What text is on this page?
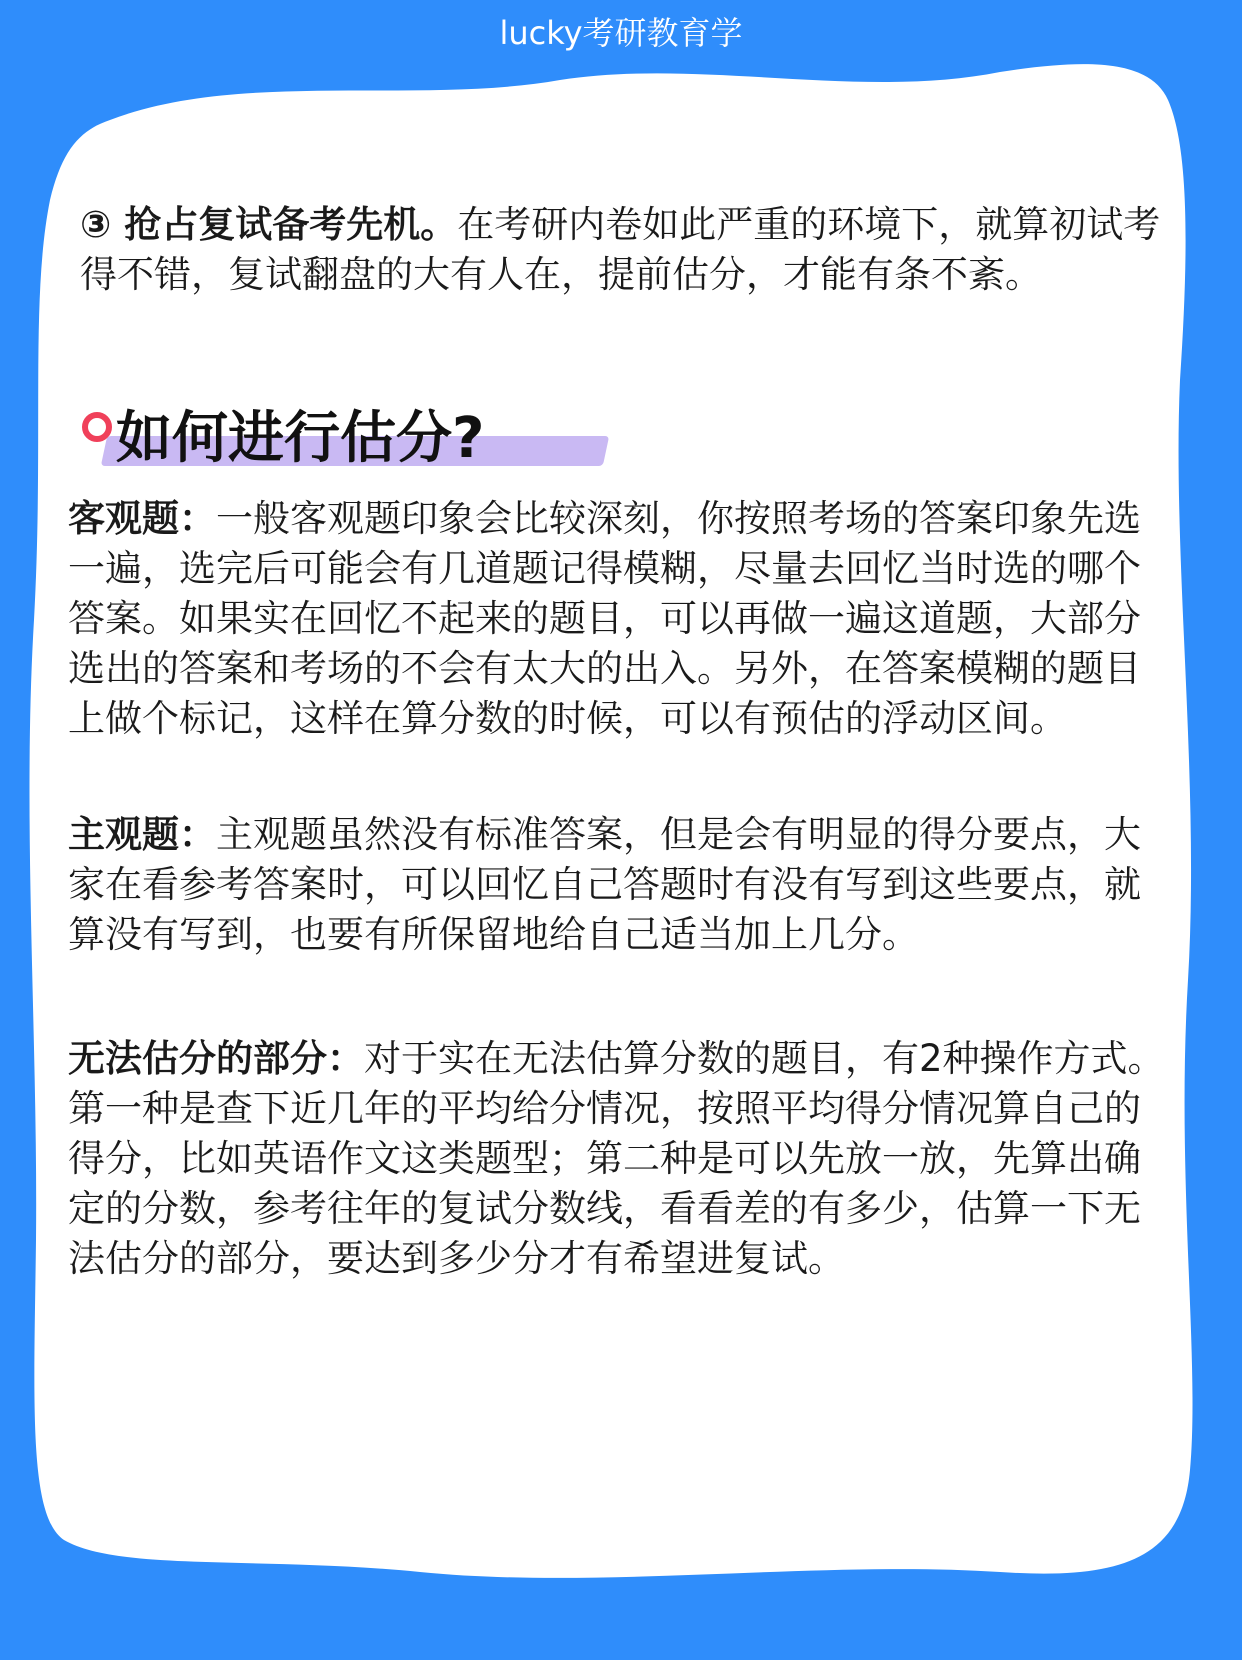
lucky考研教育学

③ 抢占复试备考先机。在考研内卷如此严重的环境下，就算初试考得不错，复试翻盘的大有人在，提前估分，才能有条不紊。

如何进行估分?

客观题：一般客观题印象会比较深刻，你按照考场的答案印象先选一遍，选完后可能会有几道题记得模糊，尽量去回忆当时选的哪个答案。如果实在回忆不起来的题目，可以再做一遍这道题，大部分选出的答案和考场的不会有太大的出入。另外，在答案模糊的题目上做个标记，这样在算分数的时候，可以有预估的浮动区间。

主观题：主观题虽然没有标准答案，但是会有明显的得分要点，大家在看参考答案时，可以回忆自己答题时有没有写到这些要点，就算没有写到，也要有所保留地给自己适当加上几分。

无法估分的部分：对于实在无法估算分数的题目，有2种操作方式。第一种是查下近几年的平均给分情况，按照平均得分情况算自己的得分，比如英语作文这类题型；第二种是可以先放一放，先算出确定的分数，参考往年的复试分数线，看看差的有多少，估算一下无法估分的部分，要达到多少分才有希望进复试。
